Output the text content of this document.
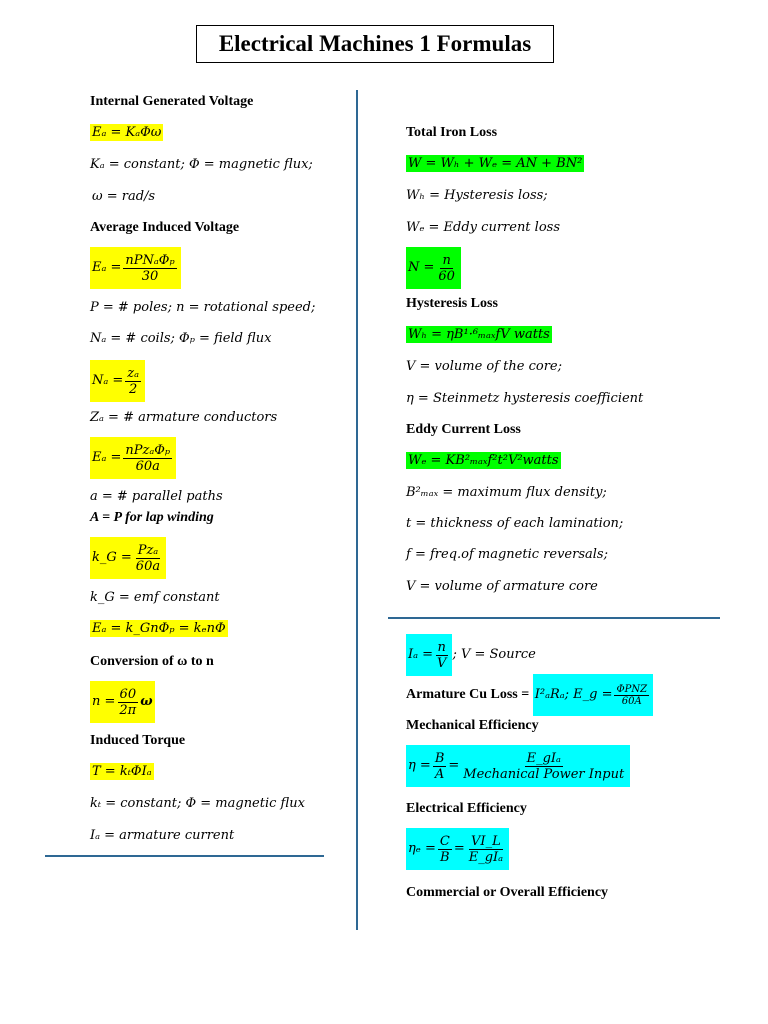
Electrical Machines 1 Formulas
Internal Generated Voltage
Eₐ = KₐΦω
Kₐ = constant; Φ = magnetic flux;
ω = rad/s
Average Induced Voltage
$E_a = \frac{\text{nPNₐΦₚ}}{30}$
P = # poles; n = rotational speed;
Nₐ = # coils; Φₚ = field flux
$N_a = \frac{\text{zₐ}}{2}$
Zₐ = # armature conductors
$E_a = \frac{\text{nPzₐΦₚ}}{60a}$
a = # parallel paths
A = P for lap winding
k_G = $\frac{\text{Pzₐ}}{60a}$
k_G = emf constant
Eₐ = k_GnΦₚ = kₑnΦ
Conversion of ω to n
$n = \frac{60}{2\pi}$ ω
Induced Torque
T = kₜΦIₐ
kₜ = constant; Φ = magnetic flux
Iₐ = armature current
Total Iron Loss
W = Wₕ + Wₑ = AN + BN²
Wₕ = Hysteresis loss;
Wₑ = Eddy current loss
$N = \frac{n}{60}$
Hysteresis Loss
Wₕ = ηB¹·⁶ₘₐₓfV watts
V = volume of the core;
η = Steinmetz hysteresis coefficient
Eddy Current Loss
Wₑ = KB²ₘₐₓf²t²V²watts
B²ₘₐₓ = maximum flux density;
t = thickness of each lamination;
f = freq.of magnetic reversals;
V = volume of armature core
$I_a = \frac{n}{V}$ ; V = Source
Armature Cu Loss = I²ₐRₐ; E_g = $\frac{\text{ΦPNZ}}{60A}$
Mechanical Efficiency
$\eta = \frac{B}{A} = \frac{\text{E\_gIₐ}}{\text{Mechanical Power Input}}$
Electrical Efficiency
$\eta_e = \frac{C}{B} = \frac{VI\_L}{\text{E\_gIₐ}}$
Commercial or Overall Efficiency
